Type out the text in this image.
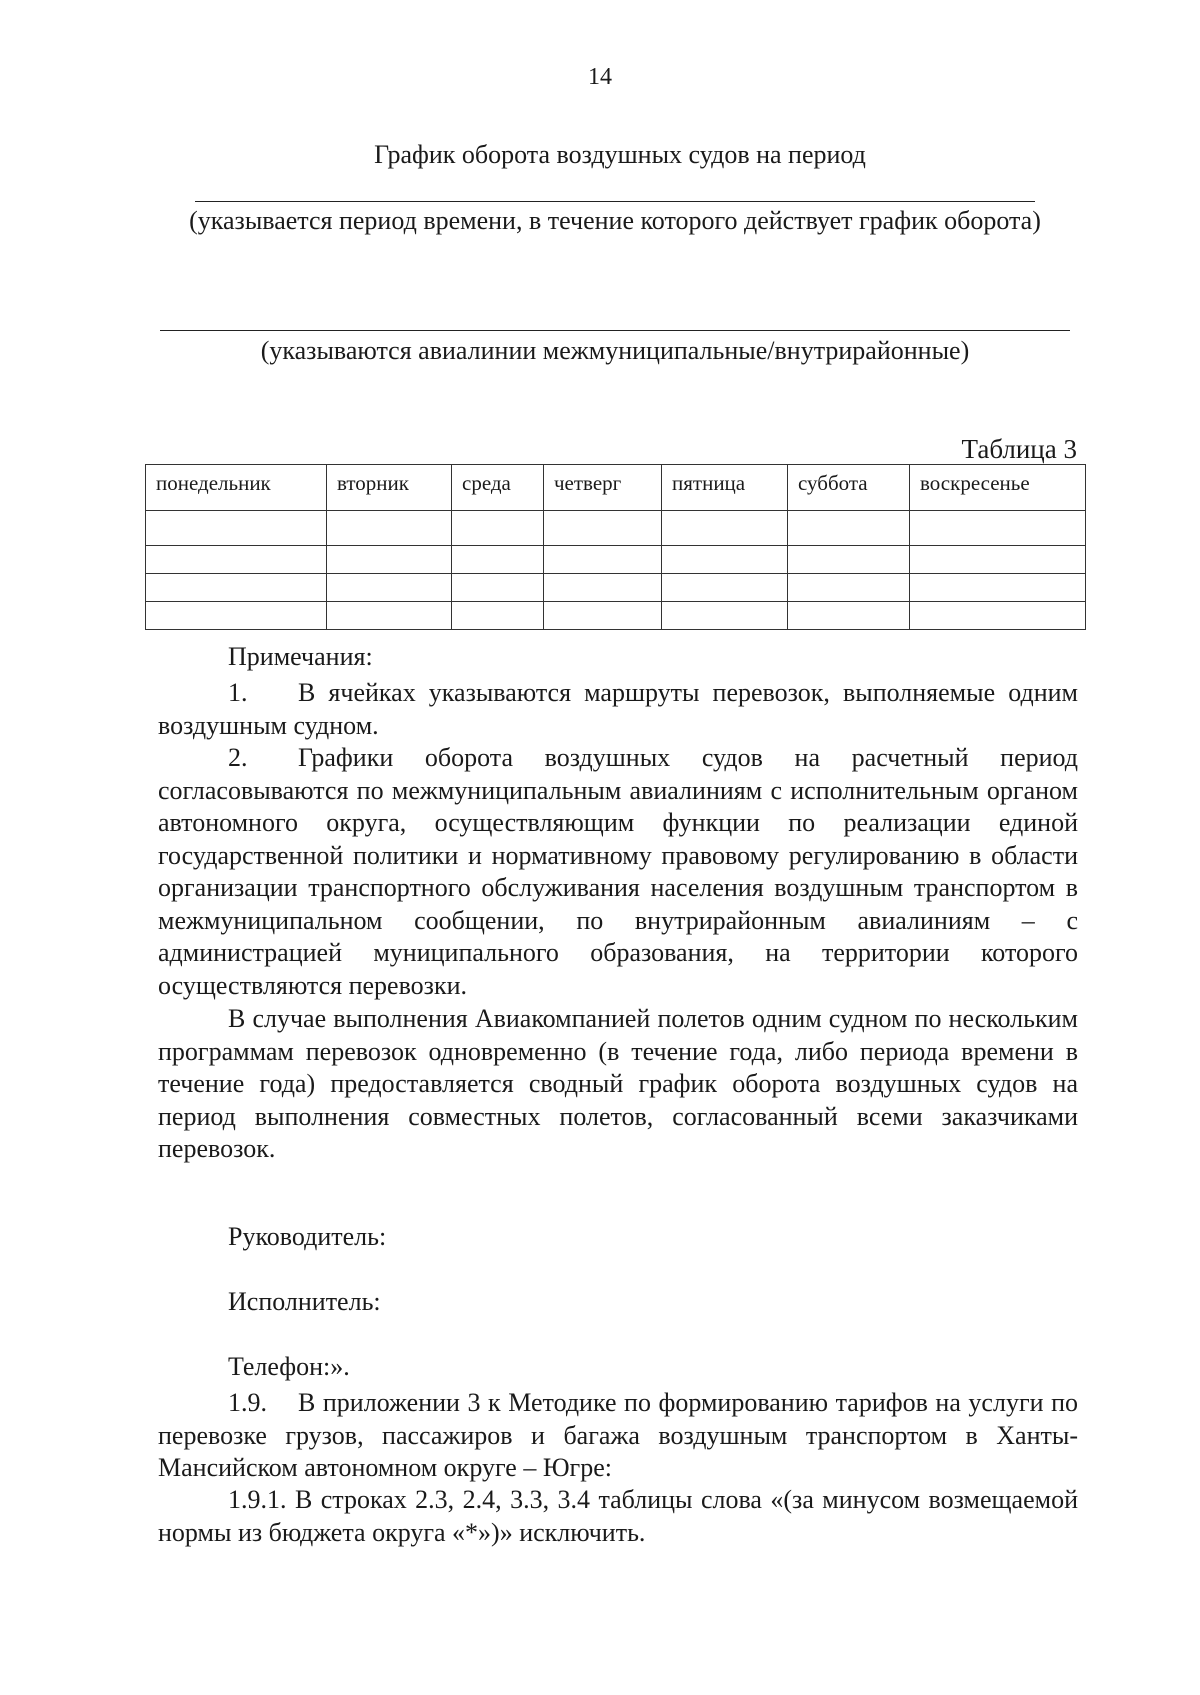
14
График оборота воздушных судов на период
(указывается период времени, в течение которого действует график оборота)
(указываются авиалинии межмуниципальные/внутрирайонные)
Таблица 3
понедельник	вторник	среда	четверг	пятница	суббота	воскресенье

Примечания:
1. В ячейках указываются маршруты перевозок, выполняемые одним воздушным судном.
2. Графики оборота воздушных судов на расчетный период согласовываются по межмуниципальным авиалиниям с исполнительным органом автономного округа, осуществляющим функции по реализации единой государственной политики и нормативному правовому регулированию в области организации транспортного обслуживания населения воздушным транспортом в межмуниципальном сообщении, по внутрирайонным авиалиниям – с администрацией муниципального образования, на территории которого осуществляются перевозки.
В случае выполнения Авиакомпанией полетов одним судном по нескольким программам перевозок одновременно (в течение года, либо периода времени в течение года) предоставляется сводный график оборота воздушных судов на период выполнения совместных полетов, согласованный всеми заказчиками перевозок.
Руководитель:
Исполнитель:
Телефон:».
1.9. В приложении 3 к Методике по формированию тарифов на услуги по перевозке грузов, пассажиров и багажа воздушным транспортом в Ханты-Мансийском автономном округе – Югре:
1.9.1. В строках 2.3, 2.4, 3.3, 3.4 таблицы слова «(за минусом возмещаемой нормы из бюджета округа «*»)» исключить.
